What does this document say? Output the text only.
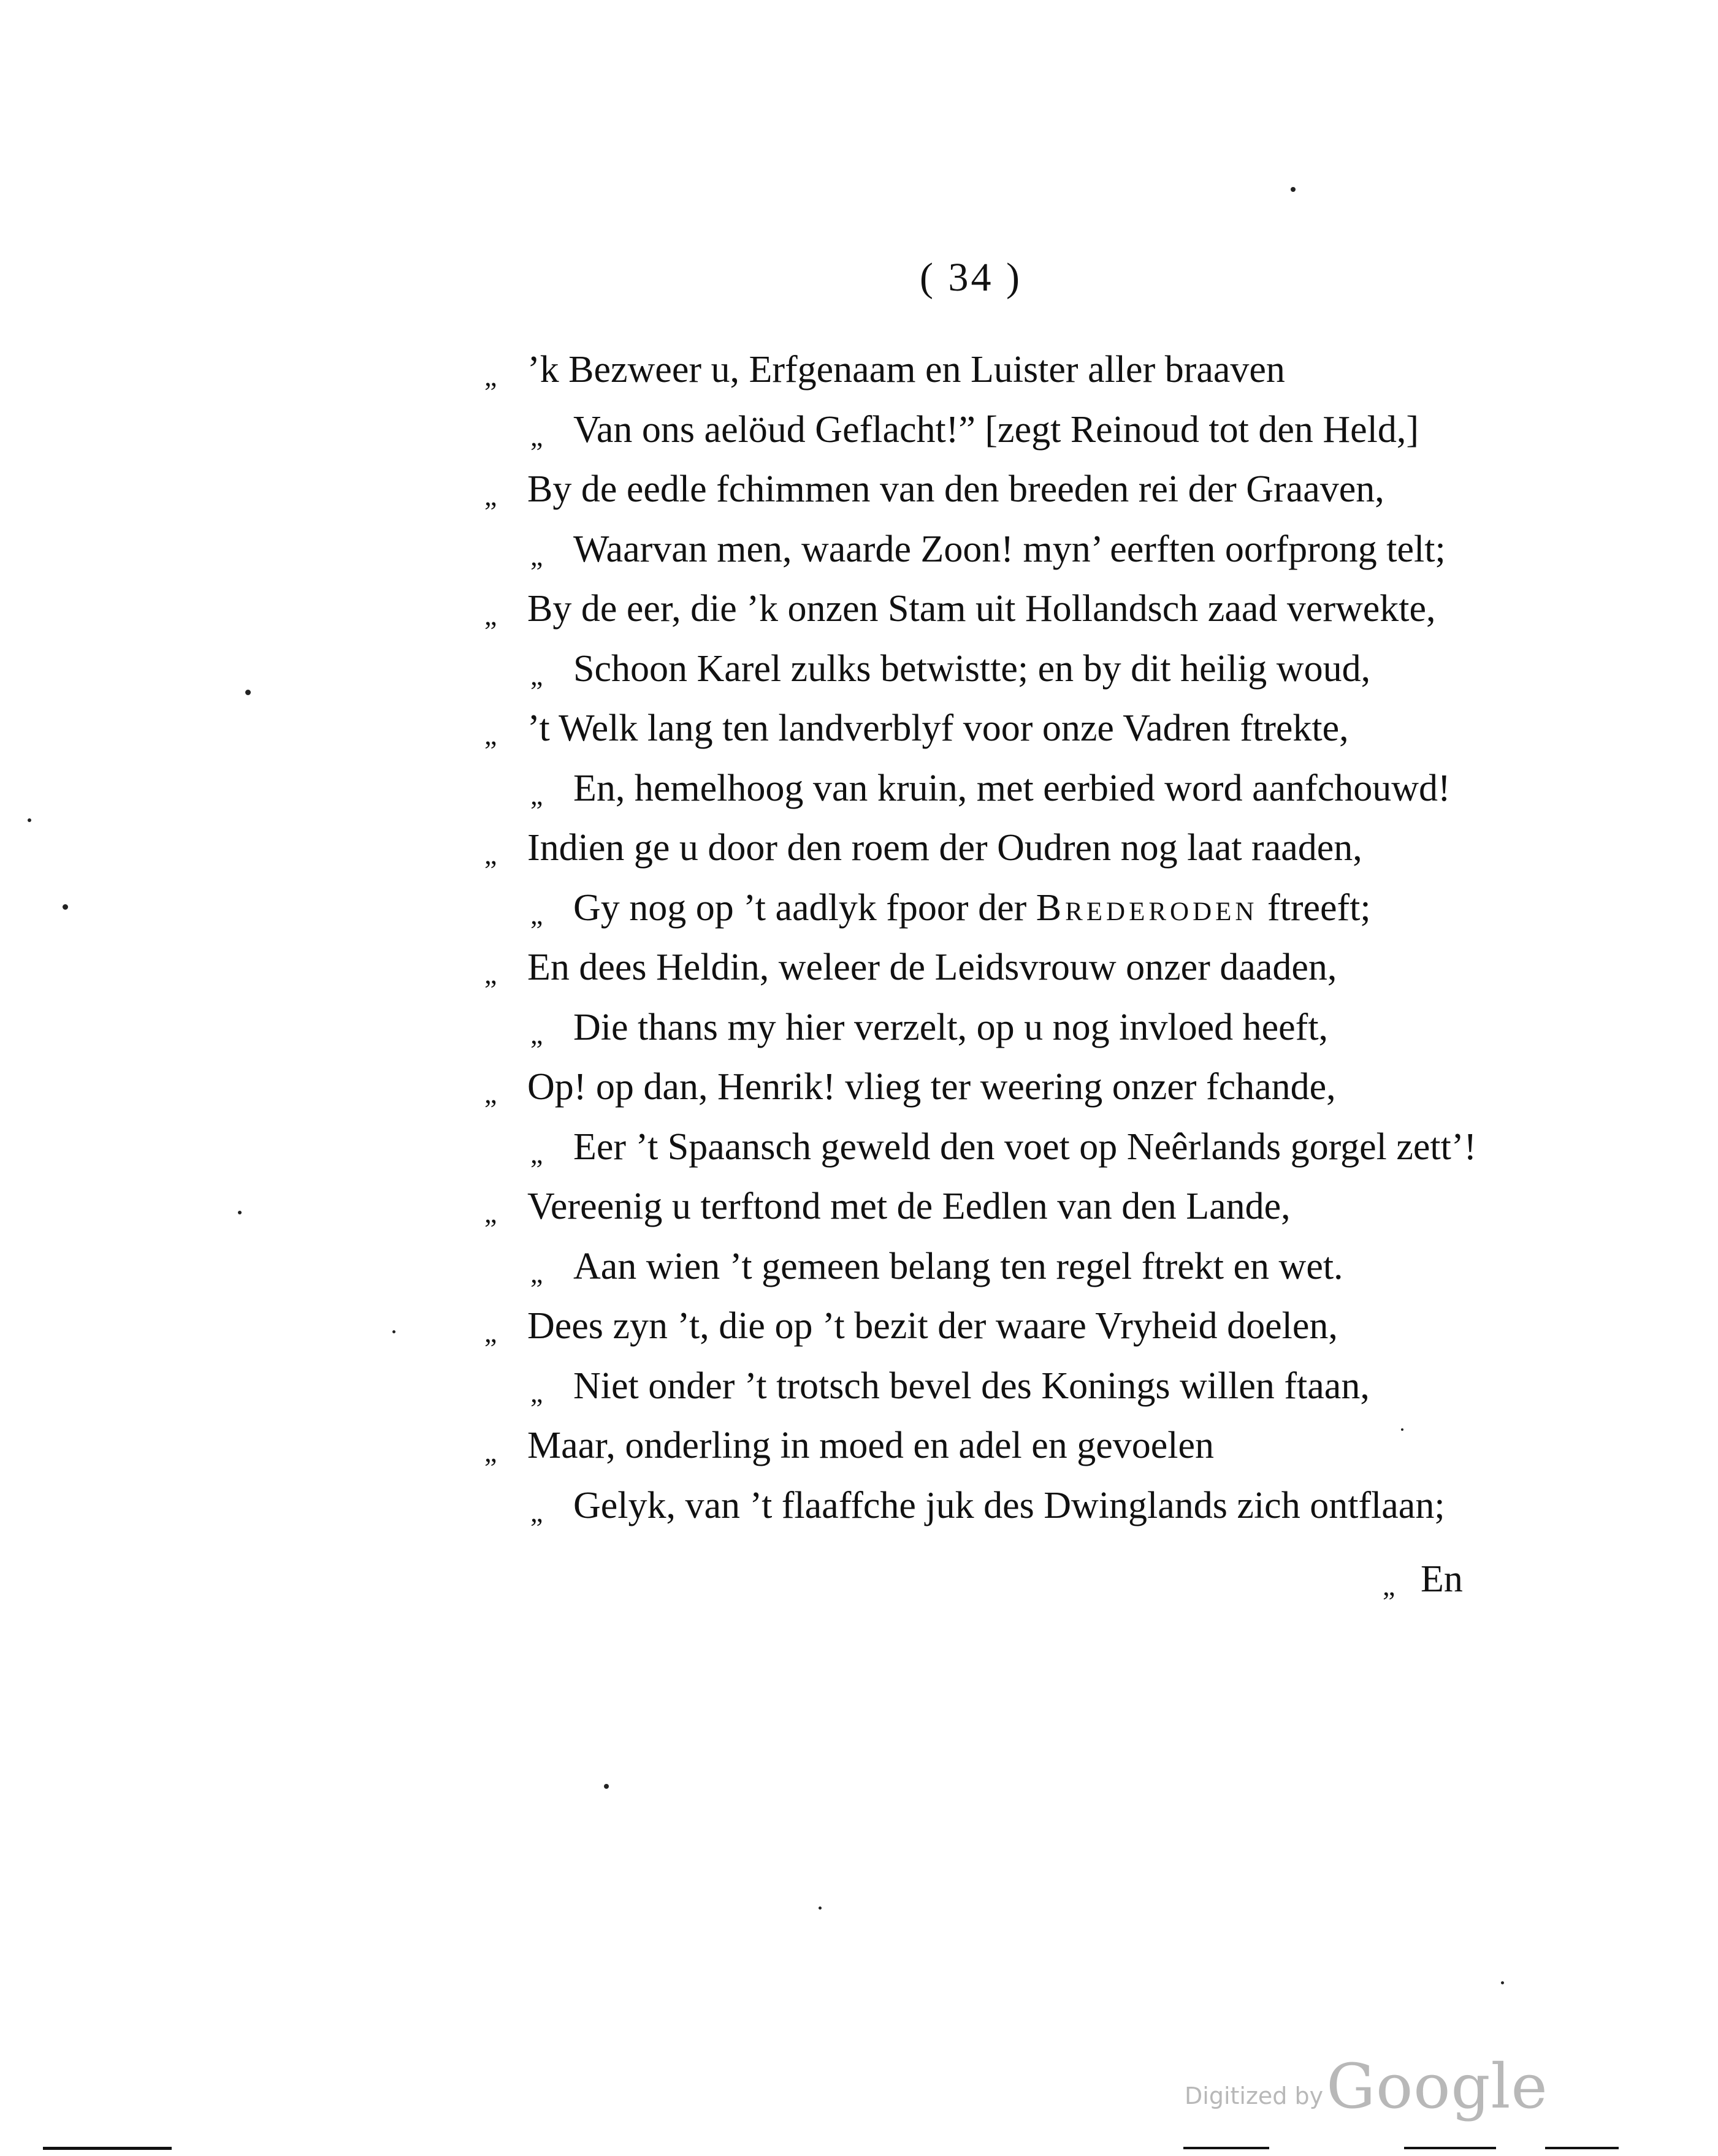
( 34 )
„ ’k Bezweer u, Erfgenaam en Luister aller braaven
„ Van ons aelöud Geflacht!” [zegt Reinoud tot den Held,]
„ By de eedle fchimmen van den breeden rei der Graaven,
„ Waarvan men, waarde Zoon! myn’ eerften oorfprong telt;
„ By de eer, die ’k onzen Stam uit Hollandsch zaad verwekte,
„ Schoon Karel zulks betwistte; en by dit heilig woud,
„ ’t Welk lang ten landverblyf voor onze Vadren ftrekte,
„ En, hemelhoog van kruin, met eerbied word aanfchouwd!
„ Indien ge u door den roem der Oudren nog laat raaden,
„ Gy nog op ’t aadlyk fpoor der Brederoden ftreeft;
„ En dees Heldin, weleer de Leidsvrouw onzer daaden,
„ Die thans my hier verzelt, op u nog invloed heeft,
„ Op! op dan, Henrik! vlieg ter weering onzer fchande,
„ Eer ’t Spaansch geweld den voet op Neêrlands gorgel zett’!
„ Vereenig u terftond met de Eedlen van den Lande,
„ Aan wien ’t gemeen belang ten regel ftrekt en wet.
„ Dees zyn ’t, die op ’t bezit der waare Vryheid doelen,
„ Niet onder ’t trotsch bevel des Konings willen ftaan,
„ Maar, onderling in moed en adel en gevoelen
„ Gelyk, van ’t flaaffche juk des Dwinglands zich ontflaan;
„ En
Digitized by Google
